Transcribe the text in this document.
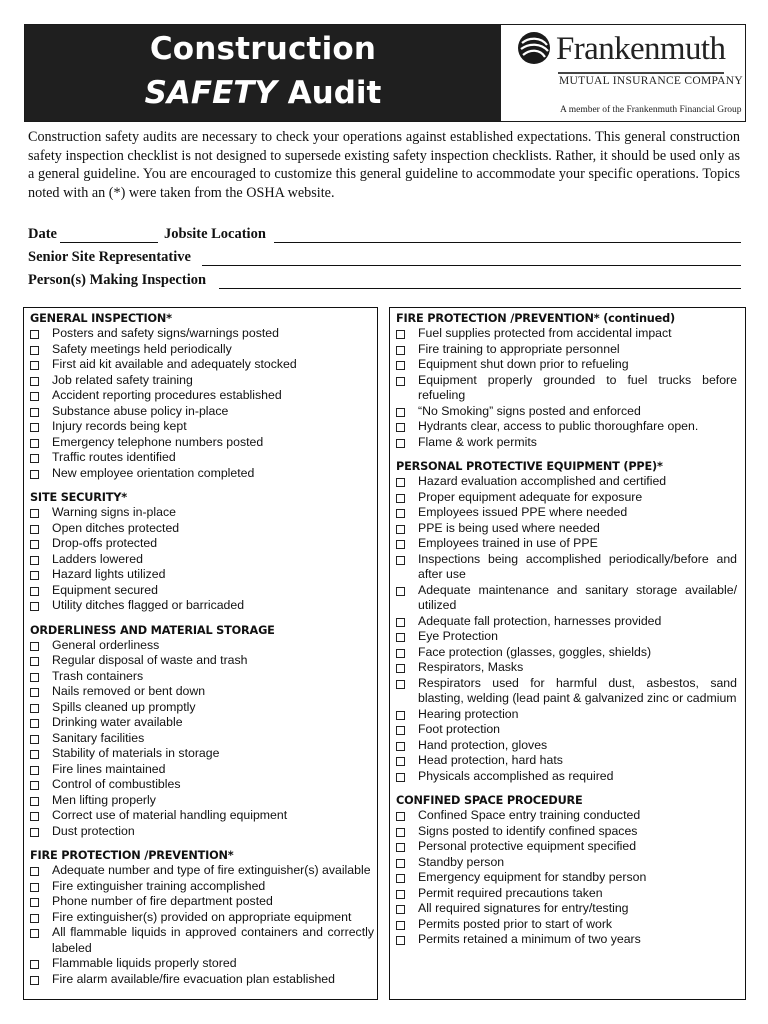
Construction
SAFETY Audit
Frankenmuth
MUTUAL INSURANCE COMPANY
A member of the Frankenmuth Financial Group
Construction safety audits are necessary to check your operations against established expectations. This general construction safety inspection checklist is not designed to supersede existing safety inspection checklists. Rather, it should be used only as a general guideline. You are encouraged to customize this general guideline to accommodate your specific operations. Topics noted with an (*) were taken from the OSHA website.
Date	Jobsite Location
Senior Site Representative
Person(s) Making Inspection
GENERAL INSPECTION*
Posters and safety signs/warnings posted
Safety meetings held periodically
First aid kit available and adequately stocked
Job related safety training
Accident reporting procedures established
Substance abuse policy in-place
Injury records being kept
Emergency telephone numbers posted
Traffic routes identified
New employee orientation completed
SITE SECURITY*
Warning signs in-place
Open ditches protected
Drop-offs protected
Ladders lowered
Hazard lights utilized
Equipment secured
Utility ditches flagged or barricaded
ORDERLINESS AND MATERIAL STORAGE
General orderliness
Regular disposal of waste and trash
Trash containers
Nails removed or bent down
Spills cleaned up promptly
Drinking water available
Sanitary facilities
Stability of materials in storage
Fire lines maintained
Control of combustibles
Men lifting properly
Correct use of material handling equipment
Dust protection
FIRE PROTECTION /PREVENTION*
Adequate number and type of fire extinguisher(s) available
Fire extinguisher training accomplished
Phone number of fire department posted
Fire extinguisher(s) provided on appropriate equipment
All flammable liquids in approved containers and correctly labeled
Flammable liquids properly stored
Fire alarm available/fire evacuation plan established
FIRE PROTECTION /PREVENTION* (continued)
Fuel supplies protected from accidental impact
Fire training to appropriate personnel
Equipment shut down prior to refueling
Equipment properly grounded to fuel trucks before refueling
“No Smoking” signs posted and enforced
Hydrants clear, access to public thoroughfare open.
Flame & work permits
PERSONAL PROTECTIVE EQUIPMENT (PPE)*
Hazard evaluation accomplished and certified
Proper equipment adequate for exposure
Employees issued PPE where needed
PPE is being used where needed
Employees trained in use of PPE
Inspections being accomplished periodically/before and after use
Adequate maintenance and sanitary storage available/ utilized
Adequate fall protection, harnesses provided
Eye Protection
Face protection (glasses, goggles, shields)
Respirators, Masks
Respirators used for harmful dust, asbestos, sand blasting, welding (lead paint & galvanized zinc or cadmium
Hearing protection
Foot protection
Hand protection, gloves
Head protection, hard hats
Physicals accomplished as required
CONFINED SPACE PROCEDURE
Confined Space entry training conducted
Signs posted to identify confined spaces
Personal protective equipment specified
Standby person
Emergency equipment for standby person
Permit required precautions taken
All required signatures for entry/testing
Permits posted prior to start of work
Permits retained a minimum of two years
